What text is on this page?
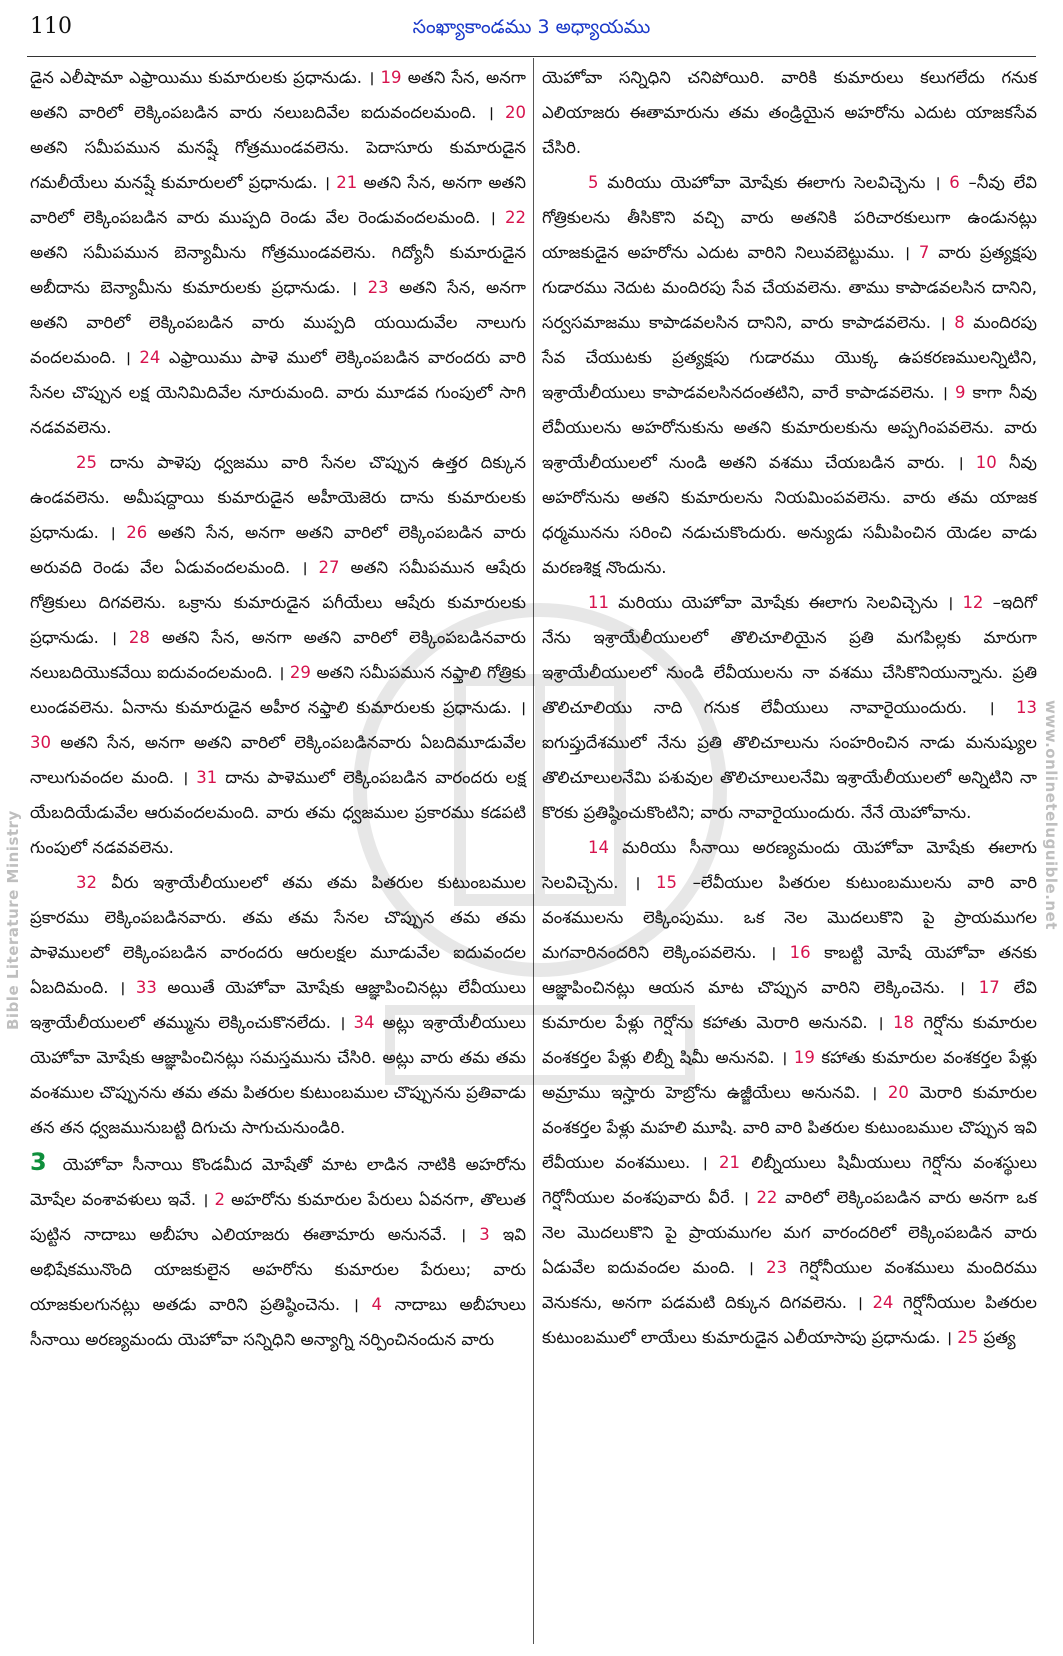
110	సంఖ్యాకాండము 3 అధ్యాయము
Bible Literature Ministry	www.onlineteluguible.net

డైన ఎలీషామా ఎఫ్రాయిము కుమారులకు ప్రధానుడు. । 19 అతని సేన, అనగా అతని వారిలో లెక్కింపబడిన వారు నలుబదివేల ఐదువందలమంది. । 20 అతని సమీపమున మనష్షే గోత్రముండవలెను. పెదాసూరు కుమారుడైన గమలీయేలు మనష్షే కుమారులలో ప్రధానుడు. । 21 అతని సేన, అనగా అతని వారిలో లెక్కింపబడిన వారు ముప్పది రెండు వేల రెండువందలమంది. । 22 అతని సమీపమున బెన్యామీను గోత్రముండవలెను. గిద్యోనీ కుమారుడైన అబీదాను బెన్యామీను కుమారులకు ప్రధానుడు. । 23 అతని సేన, అనగా అతని వారిలో లెక్కింపబడిన వారు ముప్పది యయిదువేల నాలుగు వందలమంది. । 24 ఎఫ్రాయిము పాళె ములో లెక్కింపబడిన వారందరు వారి సేనల చొప్పున లక్ష యెనిమిదివేల నూరుమంది. వారు మూడవ గుంపులో సాగి నడవవలెను.

25 దాను పాళెపు ధ్వజము వారి సేనల చొప్పున ఉత్తర దిక్కున ఉండవలెను. అమీషద్దాయి కుమారుడైన అహీయెజెరు దాను కుమారులకు ప్రధానుడు. । 26 అతని సేన, అనగా అతని వారిలో లెక్కింపబడిన వారు అరువది రెండు వేల ఏడువందలమంది. । 27 అతని సమీపమున ఆషేరు గోత్రికులు దిగవలెను. ఒక్రాను కుమారుడైన పగీయేలు ఆషేరు కుమారులకు ప్రధానుడు. । 28 అతని సేన, అనగా అతని వారిలో లెక్కింపబడినవారు నలుబదియొకవేయి ఐదువందలమంది. । 29 అతని సమీపమున నఫ్తాలి గోత్రికు లుండవలెను. ఏనాను కుమారుడైన అహీర నఫ్తాలి కుమారులకు ప్రధానుడు. । 30 అతని సేన, అనగా అతని వారిలో లెక్కింపబడినవారు ఏబదిమూడువేల నాలుగువందల మంది. । 31 దాను పాళెములో లెక్కింపబడిన వారందరు లక్ష యేబదియేడువేల ఆరువందలమంది. వారు తమ ధ్వజముల ప్రకారము కడపటి గుంపులో నడవవలెను.

32 వీరు ఇశ్రాయేలీయులలో తమ తమ పితరుల కుటుంబముల ప్రకారము లెక్కింపబడినవారు. తమ తమ సేనల చొప్పున తమ తమ పాళెములలో లెక్కింపబడిన వారందరు ఆరులక్షల మూడువేల ఐదువందల ఏబదిమంది. । 33 అయితే యెహోవా మోషేకు ఆజ్ఞాపించినట్లు లేవీయులు ఇశ్రాయేలీయులలో తమ్మును లెక్కించుకొనలేదు. । 34 అట్లు ఇశ్రాయేలీయులు యెహోవా మోషేకు ఆజ్ఞాపించినట్లు సమస్తమును చేసిరి. అట్లు వారు తమ తమ వంశముల చొప్పునను తమ తమ పితరుల కుటుంబముల చొప్పునను ప్రతివాడు తన తన ధ్వజమునుబట్టి దిగుచు సాగుచునుండిరి.

3 యెహోవా సీనాయి కొండమీద మోషేతో మాట లాడిన నాటికి అహరోను మోషేల వంశావళులు ఇవే. । 2 అహరోను కుమారుల పేరులు ఏవనగా, తొలుత పుట్టిన నాదాబు అబీహు ఎలియాజరు ఈతామారు అనునవే. । 3 ఇవి అభిషేకమునొంది యాజకులైన అహరోను కుమారుల పేరులు; వారు యాజకులగునట్లు అతడు వారిని ప్రతిష్ఠించెను. । 4 నాదాబు అబీహులు సీనాయి అరణ్యమందు యెహోవా సన్నిధిని అన్యాగ్ని నర్పించినందున వారు

యెహోవా సన్నిధిని చనిపోయిరి. వారికి కుమారులు కలుగలేదు గనుక ఎలియాజరు ఈతామారును తమ తండ్రియైన అహరోను ఎదుట యాజకసేవ చేసిరి.

5 మరియు యెహోవా మోషేకు ఈలాగు సెలవిచ్చెను । 6 –నీవు లేవి గోత్రికులను తీసికొని వచ్చి వారు అతనికి పరిచారకులుగా ఉండునట్లు యాజకుడైన అహరోను ఎదుట వారిని నిలువబెట్టుము. । 7 వారు ప్రత్యక్షపు గుడారము నెదుట మందిరపు సేవ చేయవలెను. తాము కాపాడవలసిన దానిని, సర్వసమాజము కాపాడవలసిన దానిని, వారు కాపాడవలెను. । 8 మందిరపు సేవ చేయుటకు ప్రత్యక్షపు గుడారము యొక్క ఉపకరణములన్నిటిని, ఇశ్రాయేలీయులు కాపాడవలసినదంతటిని, వారే కాపాడవలెను. । 9 కాగా నీవు లేవీయులను అహరోనుకును అతని కుమారులకును అప్పగింపవలెను. వారు ఇశ్రాయేలీయులలో నుండి అతని వశము చేయబడిన వారు. । 10 నీవు అహరోనును అతని కుమారులను నియమింపవలెను. వారు తమ యాజక ధర్మమునను సరించి నడుచుకొందురు. అన్యుడు సమీపించిన యెడల వాడు మరణశిక్ష నొందును.

11 మరియు యెహోవా మోషేకు ఈలాగు సెలవిచ్చెను । 12 –ఇదిగో నేను ఇశ్రాయేలీయులలో తొలిచూలియైన ప్రతి మగపిల్లకు మారుగా ఇశ్రాయేలీయులలో నుండి లేవీయులను నా వశము చేసికొనియున్నాను. ప్రతి తొలిచూలియు నాది గనుక లేవీయులు నావారైయుందురు. । 13 ఐగుప్తుదేశములో నేను ప్రతి తొలిచూలును సంహరించిన నాడు మనుష్యుల తొలిచూలులనేమి పశువుల తొలిచూలులనేమి ఇశ్రాయేలీయులలో అన్నిటిని నా కొరకు ప్రతిష్ఠించుకొంటిని; వారు నావారైయుందురు. నేనే యెహోవాను.

14 మరియు సీనాయి అరణ్యమందు యెహోవా మోషేకు ఈలాగు సెలవిచ్చెను. । 15 –లేవీయుల పితరుల కుటుంబములను వారి వారి వంశములను లెక్కింపుము. ఒక నెల మొదలుకొని పై ప్రాయముగల మగవారినందరిని లెక్కింపవలెను. । 16 కాబట్టి మోషే యెహోవా తనకు ఆజ్ఞాపించినట్లు ఆయన మాట చొప్పున వారిని లెక్కించెను. । 17 లేవి కుమారుల పేళ్లు గెర్షోను కహాతు మెరారి అనునవి. । 18 గెర్షోను కుమారుల వంశకర్తల పేళ్లు లిబ్నీ షిమీ అనునవి. । 19 కహాతు కుమారుల వంశకర్తల పేళ్లు అమ్రాము ఇస్హారు హెబ్రోను ఉజ్జీయేలు అనునవి. । 20 మెరారి కుమారుల వంశకర్తల పేళ్లు మహలి మూషి. వారి వారి పితరుల కుటుంబముల చొప్పున ఇవి లేవీయుల వంశములు. । 21 లిబ్నీయులు షిమీయులు గెర్షోను వంశస్థులు గెర్షోనీయుల వంశపువారు వీరే. । 22 వారిలో లెక్కింపబడిన వారు అనగా ఒక నెల మొదలుకొని పై ప్రాయముగల మగ వారందరిలో లెక్కింపబడిన వారు ఏడువేల ఐదువందల మంది. । 23 గెర్షోనీయుల వంశములు మందిరము వెనుకను, అనగా పడమటి దిక్కున దిగవలెను. । 24 గెర్షోనీయుల పితరుల కుటుంబములో లాయేలు కుమారుడైన ఎలీయాసాపు ప్రధానుడు. । 25 ప్రత్య
